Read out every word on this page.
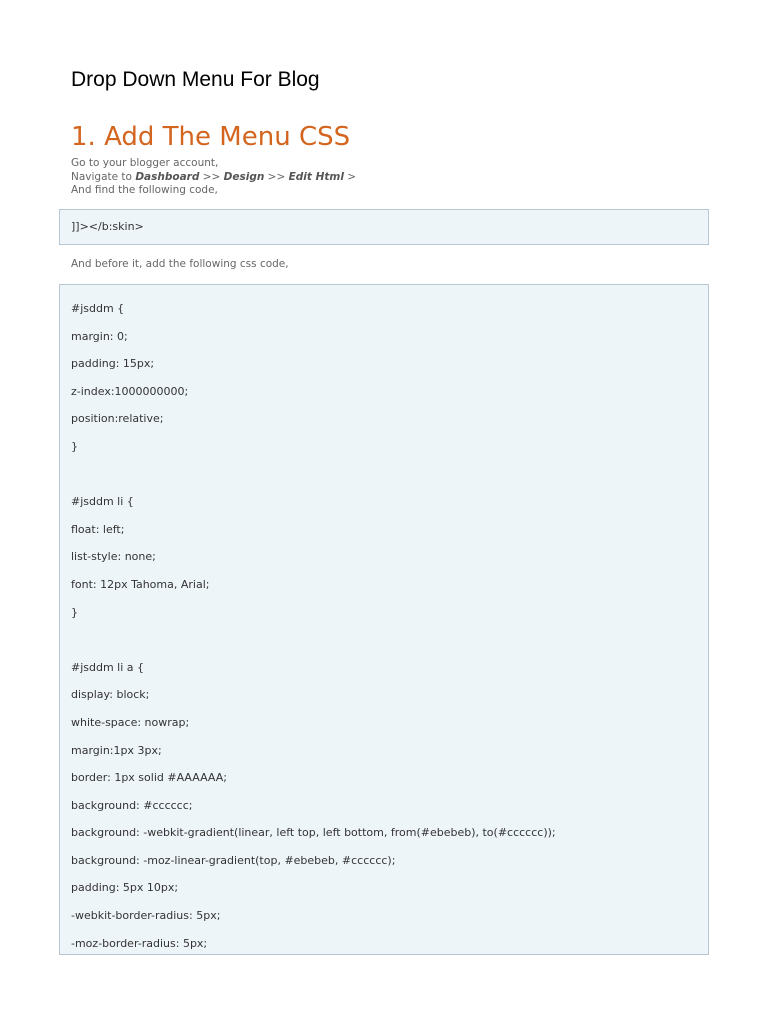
Drop Down Menu For Blog
1. Add The Menu CSS
Go to your blogger account,
Navigate to Dashboard >> Design >> Edit Html >
And find the following code,
]]></b:skin>
And before it, add the following css code,
#jsddm {
margin: 0;
padding: 15px;
z-index:1000000000;
position:relative;
}
#jsddm li {
float: left;
list-style: none;
font: 12px Tahoma, Arial;
}
#jsddm li a {
display: block;
white-space: nowrap;
margin:1px 3px;
border: 1px solid #AAAAAA;
background: #cccccc;
background: -webkit-gradient(linear, left top, left bottom, from(#ebebeb), to(#cccccc));
background: -moz-linear-gradient(top, #ebebeb, #cccccc);
padding: 5px 10px;
-webkit-border-radius: 5px;
-moz-border-radius: 5px;
